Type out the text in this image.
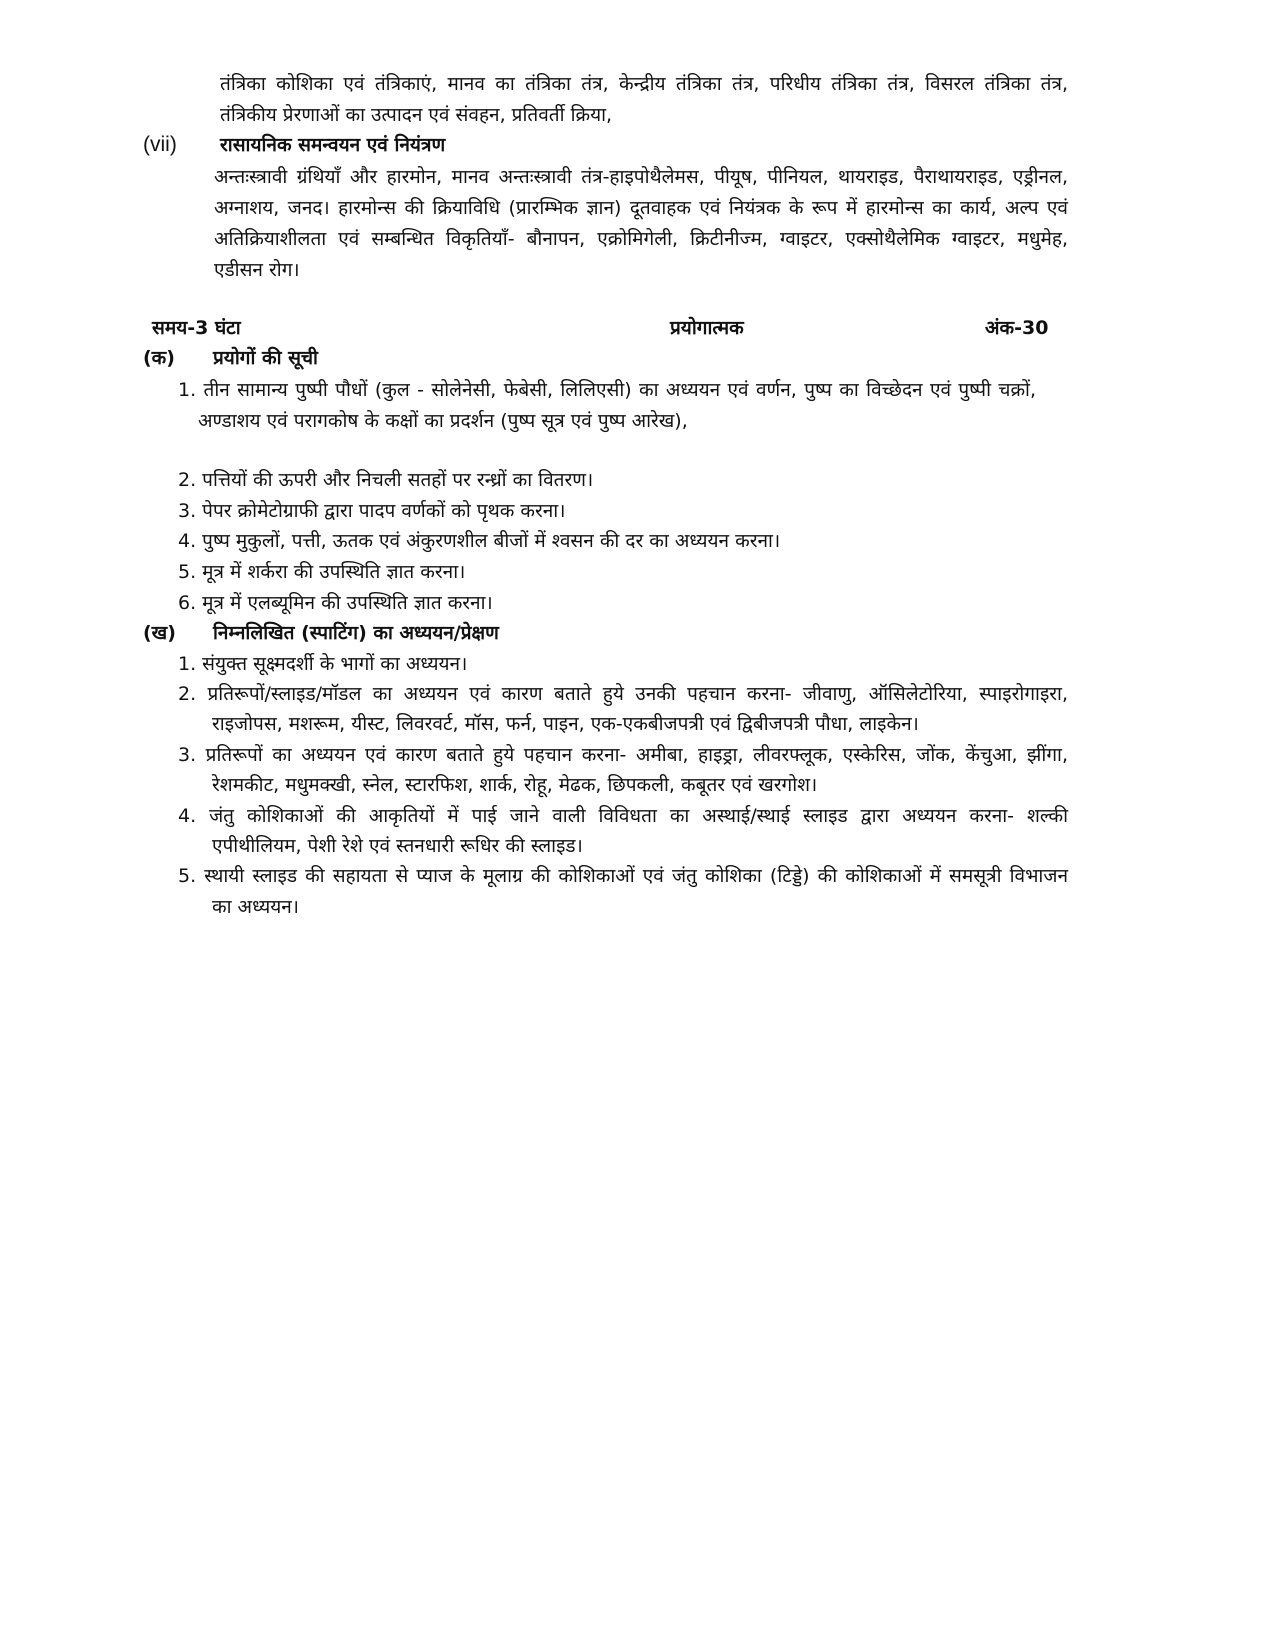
तंत्रिका कोशिका एवं तंत्रिकाएं, मानव का तंत्रिका तंत्र, केन्द्रीय तंत्रिका तंत्र, परिधीय तंत्रिका तंत्र, विसरल तंत्रिका तंत्र,
तंत्रिकीय प्रेरणाओं का उत्पादन एवं संवहन, प्रतिवर्ती क्रिया,
(vii) रासायनिक समन्वयन एवं नियंत्रण
अन्तःस्त्रावी ग्रंथियाँ और हारमोन, मानव अन्तःस्त्रावी तंत्र-हाइपोथैलेमस, पीयूष, पीनियल, थायराइड, पैराथायराइड, एड्रीनल,
अग्नाशय, जनद। हारमोन्स की क्रियाविधि (प्रारम्भिक ज्ञान) दूतवाहक एवं नियंत्रक के रूप में हारमोन्स का कार्य, अल्प एवं
अतिक्रियाशीलता एवं सम्बन्धित विकृतियाँ- बौनापन, एक्रोमिगेली, क्रिटीनीज्म, ग्वाइटर, एक्सोथैलेमिक ग्वाइटर, मधुमेह,
एडीसन रोग।
समय-3 घंटा	प्रयोगात्मक	अंक-30
(क) प्रयोगों की सूची
1. तीन सामान्य पुष्पी पौधों (कुल - सोलेनेसी, फेबेसी, लिलिएसी) का अध्ययन एवं वर्णन, पुष्प का विच्छेदन एवं पुष्पी चक्रों,
अण्डाशय एवं परागकोष के कक्षों का प्रदर्शन (पुष्प सूत्र एवं पुष्प आरेख),
2. पत्तियों की ऊपरी और निचली सतहों पर रन्ध्रों का वितरण।
3. पेपर क्रोमेटोग्राफी द्वारा पादप वर्णकों को पृथक करना।
4. पुष्प मुकुलों, पत्ती, ऊतक एवं अंकुरणशील बीजों में श्वसन की दर का अध्ययन करना।
5. मूत्र में शर्करा की उपस्थिति ज्ञात करना।
6. मूत्र में एलब्यूमिन की उपस्थिति ज्ञात करना।
(ख) निम्नलिखित (स्पाटिंग) का अध्ययन/प्रेक्षण
1. संयुक्त सूक्ष्मदर्शी के भागों का अध्ययन।
2. प्रतिरूपों/स्लाइड/मॉडल का अध्ययन एवं कारण बताते हुये उनकी पहचान करना- जीवाणु, ऑसिलेटोरिया, स्पाइरोगाइरा,
राइजोपस, मशरूम, यीस्ट, लिवरवर्ट, मॉस, फर्न, पाइन, एक-एकबीजपत्री एवं द्विबीजपत्री पौधा, लाइकेन।
3. प्रतिरूपों का अध्ययन एवं कारण बताते हुये पहचान करना- अमीबा, हाइड्रा, लीवरफ्लूक, एस्केरिस, जोंक, केंचुआ, झींगा,
रेशमकीट, मधुमक्खी, स्नेल, स्टारफिश, शार्क, रोहू, मेढक, छिपकली, कबूतर एवं खरगोश।
4. जंतु कोशिकाओं की आकृतियों में पाई जाने वाली विविधता का अस्थाई/स्थाई स्लाइड द्वारा अध्ययन करना- शल्की
एपीथीलियम, पेशी रेशे एवं स्तनधारी रूधिर की स्लाइड।
5. स्थायी स्लाइड की सहायता से प्याज के मूलाग्र की कोशिकाओं एवं जंतु कोशिका (टिड्डे) की कोशिकाओं में समसूत्री विभाजन
का अध्ययन।
